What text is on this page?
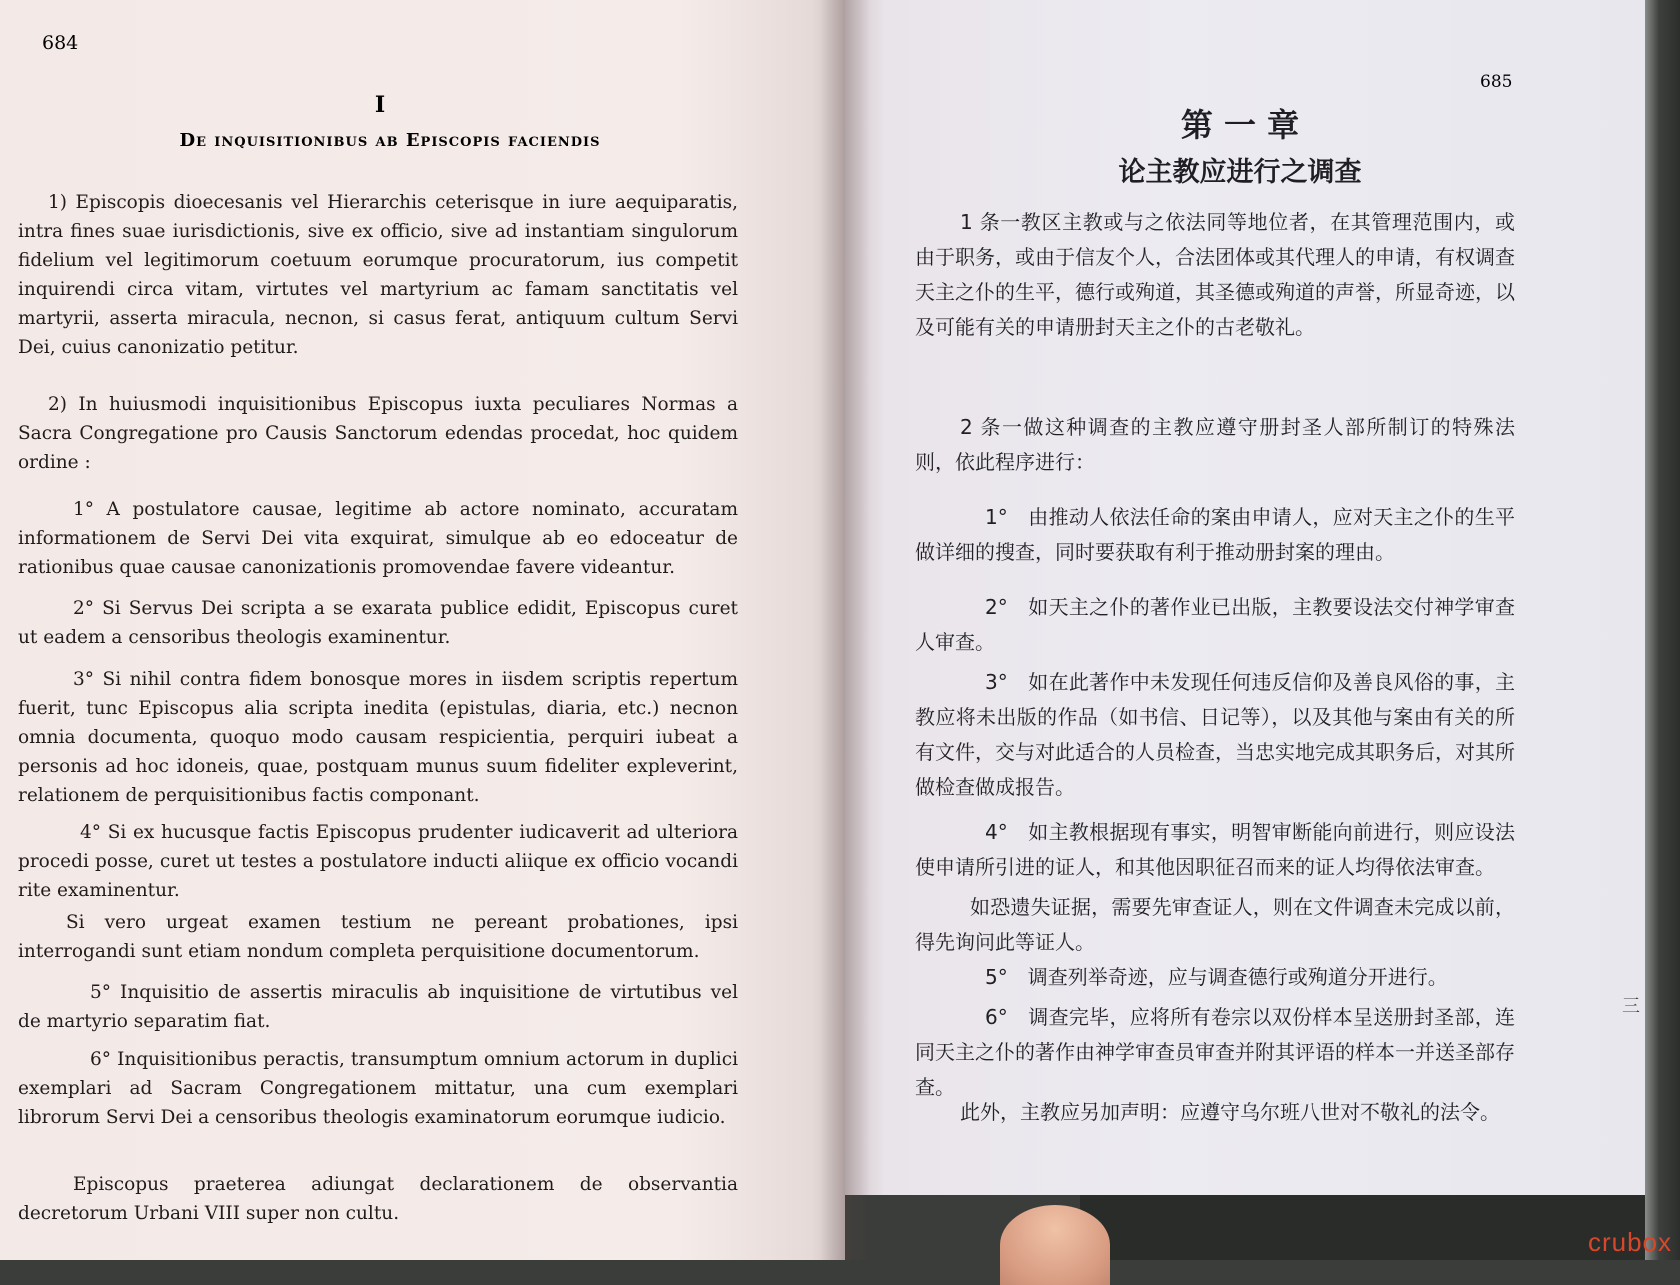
684
I
De inquisitionibus ab Episcopis faciendis
1) Episcopis dioecesanis vel Hierarchis ceterisque in iure aequiparatis, intra fines suae iurisdictionis, sive ex officio, sive ad instantiam singulorum fidelium vel legitimorum coetuum eorumque procuratorum, ius competit inquirendi circa vitam, virtutes vel martyrium ac famam sanctitatis vel martyrii, asserta miracula, necnon, si casus ferat, antiquum cultum Servi Dei, cuius canonizatio petitur.
2) In huiusmodi inquisitionibus Episcopus iuxta peculiares Normas a Sacra Congregatione pro Causis Sanctorum edendas procedat, hoc quidem ordine :
1° A postulatore causae, legitime ab actore nominato, accuratam informationem de Servi Dei vita exquirat, simulque ab eo edoceatur de rationibus quae causae canonizationis promovendae favere videantur.
2° Si Servus Dei scripta a se exarata publice edidit, Episcopus curet ut eadem a censoribus theologis examinentur.
3° Si nihil contra fidem bonosque mores in iisdem scriptis repertum fuerit, tunc Episcopus alia scripta inedita (epistulas, diaria, etc.) necnon omnia documenta, quoquo modo causam respicientia, perquiri iubeat a personis ad hoc idoneis, quae, postquam munus suum fideliter expleverint, relationem de perquisitionibus factis componant.
4° Si ex hucusque factis Episcopus prudenter iudicaverit ad ulteriora procedi posse, curet ut testes a postulatore inducti aliique ex officio vocandi rite examinentur.
Si vero urgeat examen testium ne pereant probationes, ipsi interrogandi sunt etiam nondum completa perquisitione documentorum.
5° Inquisitio de assertis miraculis ab inquisitione de virtutibus vel de martyrio separatim fiat.
6° Inquisitionibus peractis, transumptum omnium actorum in duplici exemplari ad Sacram Congregationem mittatur, una cum exemplari librorum Servi Dei a censoribus theologis examinatorum eorumque iudicio.
Episcopus praeterea adiungat declarationem de observantia decretorum Urbani VIII super non cultu.
685
第 一 章
论主教应进行之调查
1 条一教区主教或与之依法同等地位者，在其管理范围内，或由于职务，或由于信友个人，合法团体或其代理人的申请，有权调查天主之仆的生平，德行或殉道，其圣德或殉道的声誉，所显奇迹，以及可能有关的申请册封天主之仆的古老敬礼。
2 条一做这种调查的主教应遵守册封圣人部所制订的特殊法则，依此程序进行：
1°　由推动人依法任命的案由申请人，应对天主之仆的生平做详细的搜查，同时要获取有利于推动册封案的理由。
2°　如天主之仆的著作业已出版，主教要设法交付神学审查人审查。
3°　如在此著作中未发现任何违反信仰及善良风俗的事，主教应将未出版的作品（如书信、日记等），以及其他与案由有关的所有文件，交与对此适合的人员检查，当忠实地完成其职务后，对其所做检查做成报告。
4°　如主教根据现有事实，明智审断能向前进行，则应设法使申请所引进的证人，和其他因职征召而来的证人均得依法审查。
如恐遗失证据，需要先审查证人，则在文件调查未完成以前，得先询问此等证人。
5°　调查列举奇迹，应与调查德行或殉道分开进行。
6°　调查完毕，应将所有卷宗以双份样本呈送册封圣部，连同天主之仆的著作由神学审查员审查并附其评语的样本一并送圣部存查。
此外，主教应另加声明：应遵守乌尔班八世对不敬礼的法令。
三
crubox
